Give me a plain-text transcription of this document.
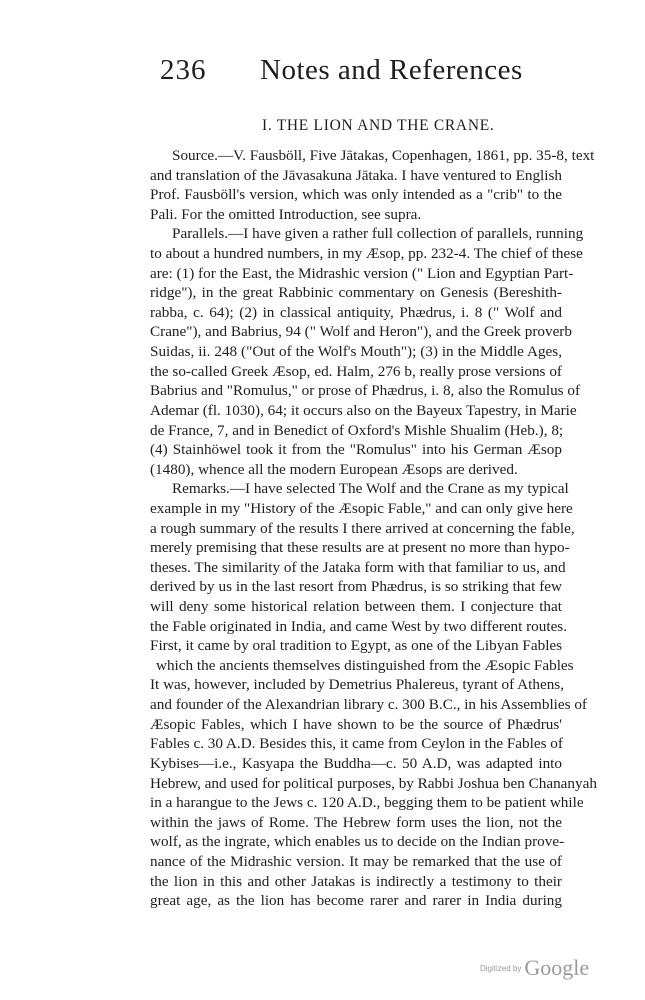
236 Notes and References
I. THE LION AND THE CRANE.
Source.—V. Fausböll, Five Jātakas, Copenhagen, 1861, pp. 35-8, text
and translation of the Jāvasakuna Jātaka. I have ventured to English
Prof. Fausböll's version, which was only intended as a "crib" to the
Pali. For the omitted Introduction, see supra.
Parallels.—I have given a rather full collection of parallels, running
to about a hundred numbers, in my Æsop, pp. 232-4. The chief of these
are: (1) for the East, the Midrashic version (" Lion and Egyptian Part-
ridge"), in the great Rabbinic commentary on Genesis (Bereshith-
rabba, c. 64); (2) in classical antiquity, Phædrus, i. 8 (" Wolf and
Crane"), and Babrius, 94 (" Wolf and Heron"), and the Greek proverb
Suidas, ii. 248 ("Out of the Wolf's Mouth"); (3) in the Middle Ages,
the so-called Greek Æsop, ed. Halm, 276 b, really prose versions of
Babrius and "Romulus," or prose of Phædrus, i. 8, also the Romulus of
Ademar (fl. 1030), 64; it occurs also on the Bayeux Tapestry, in Marie
de France, 7, and in Benedict of Oxford's Mishle Shualim (Heb.), 8;
(4) Stainhöwel took it from the "Romulus" into his German Æsop
(1480), whence all the modern European Æsops are derived.
Remarks.—I have selected The Wolf and the Crane as my typical
example in my "History of the Æsopic Fable," and can only give here
a rough summary of the results I there arrived at concerning the fable,
merely premising that these results are at present no more than hypo-
theses. The similarity of the Jataka form with that familiar to us, and
derived by us in the last resort from Phædrus, is so striking that few
will deny some historical relation between them. I conjecture that
the Fable originated in India, and came West by two different routes.
First, it came by oral tradition to Egypt, as one of the Libyan Fables
which the ancients themselves distinguished from the Æsopic Fables
It was, however, included by Demetrius Phalereus, tyrant of Athens,
and founder of the Alexandrian library c. 300 B.C., in his Assemblies of
Æsopic Fables, which I have shown to be the source of Phædrus'
Fables c. 30 A.D. Besides this, it came from Ceylon in the Fables of
Kybises—i.e., Kasyapa the Buddha—c. 50 A.D, was adapted into
Hebrew, and used for political purposes, by Rabbi Joshua ben Chananyah
in a harangue to the Jews c. 120 A.D., begging them to be patient while
within the jaws of Rome. The Hebrew form uses the lion, not the
wolf, as the ingrate, which enables us to decide on the Indian prove-
nance of the Midrashic version. It may be remarked that the use of
the lion in this and other Jatakas is indirectly a testimony to their
great age, as the lion has become rarer and rarer in India during
Digitized by Google
